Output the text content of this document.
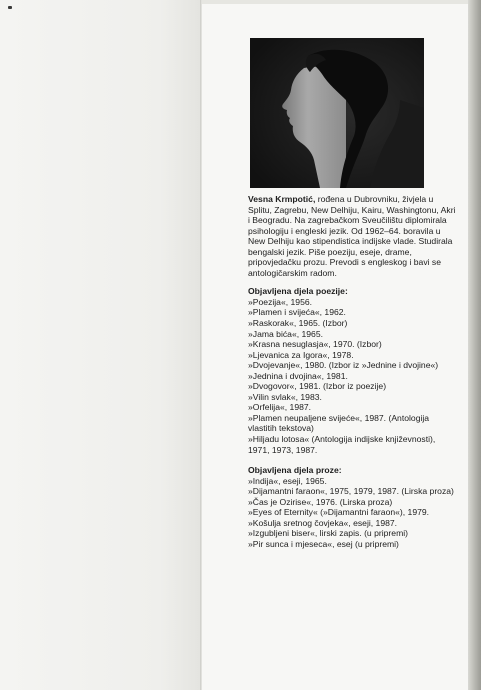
Vesna Krmpotić, rođena u Dubrovniku, živjela u Splitu, Zagrebu, New Delhiju, Kairu, Washingtonu, Akri i Beogradu. Na zagrebačkom Sveučilištu diplomirala psihologiju i engleski jezik. Od 1962–64. boravila u New Delhiju kao stipendistica indijske vlade. Studirala bengalski jezik. Piše poeziju, eseje, drame, pripovjedačku prozu. Prevodi s engleskog i bavi se antologičarskim radom.

Objavljena djela poezije:

»Poezija«, 1956.
»Plamen i svijeća«, 1962.
»Raskorak«, 1965. (Izbor)
»Jama bića«, 1965.
»Krasna nesuglasja«, 1970. (Izbor)
»Ljevanica za Igora«, 1978.
»Dvojevanje«, 1980. (Izbor iz »Jednine i dvojine«)
»Jednina i dvojina«, 1981.
»Dvogovor«, 1981. (Izbor iz poezije)
»Vilin svlak«, 1983.
»Orfelija«, 1987.
»Plamen neupaljene svijeće«, 1987. (Antologija vlastitih tekstova)
»Hiljadu lotosa« (Antologija indijske književnosti), 1971, 1973, 1987.

Objavljena djela proze:

»Indija«, eseji, 1965.
»Dijamantni faraon«, 1975, 1979, 1987. (Lirska proza)
»Čas je Ozirise«, 1976. (Lirska proza)
»Eyes of Eternity« (»Dijamantni faraon«), 1979.
»Košulja sretnog čovjeka«, eseji, 1987.
»Izgubljeni biser«, lirski zapis. (u pripremi)
»Pir sunca i mjeseca«, esej (u pripremi)
